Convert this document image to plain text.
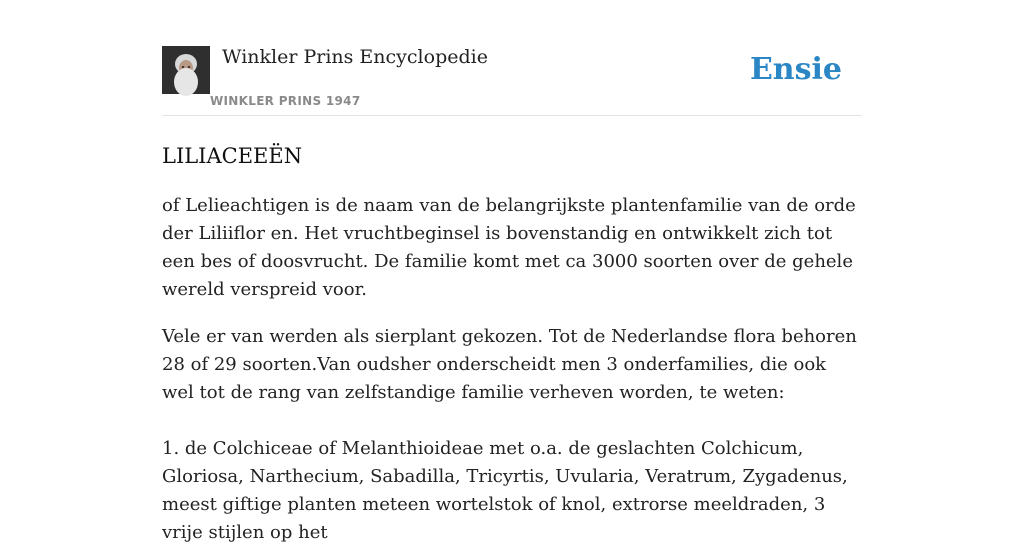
Winkler Prins Encyclopedie
WINKLER PRINS 1947
Ensie
LILIACEEËN

of Lelieachtigen is de naam van de belangrijkste plantenfamilie van de orde der Liliiflor en. Het vruchtbeginsel is bovenstandig en ontwikkelt zich tot een bes of doosvrucht. De familie komt met ca 3000 soorten over de gehele wereld verspreid voor.

Vele er van werden als sierplant gekozen. Tot de Nederlandse flora behoren 28 of 29 soorten.Van oudsher onderscheidt men 3 onderfamilies, die ook wel tot de rang van zelfstandige familie verheven worden, te weten:

1. de Colchiceae of Melanthioideae met o.a. de geslachten Colchicum, Gloriosa, Narthecium, Sabadilla, Tricyrtis, Uvularia, Veratrum, Zygadenus, meest giftige planten meteen wortelstok of knol, extrorse meeldraden, 3 vrije stijlen op het
